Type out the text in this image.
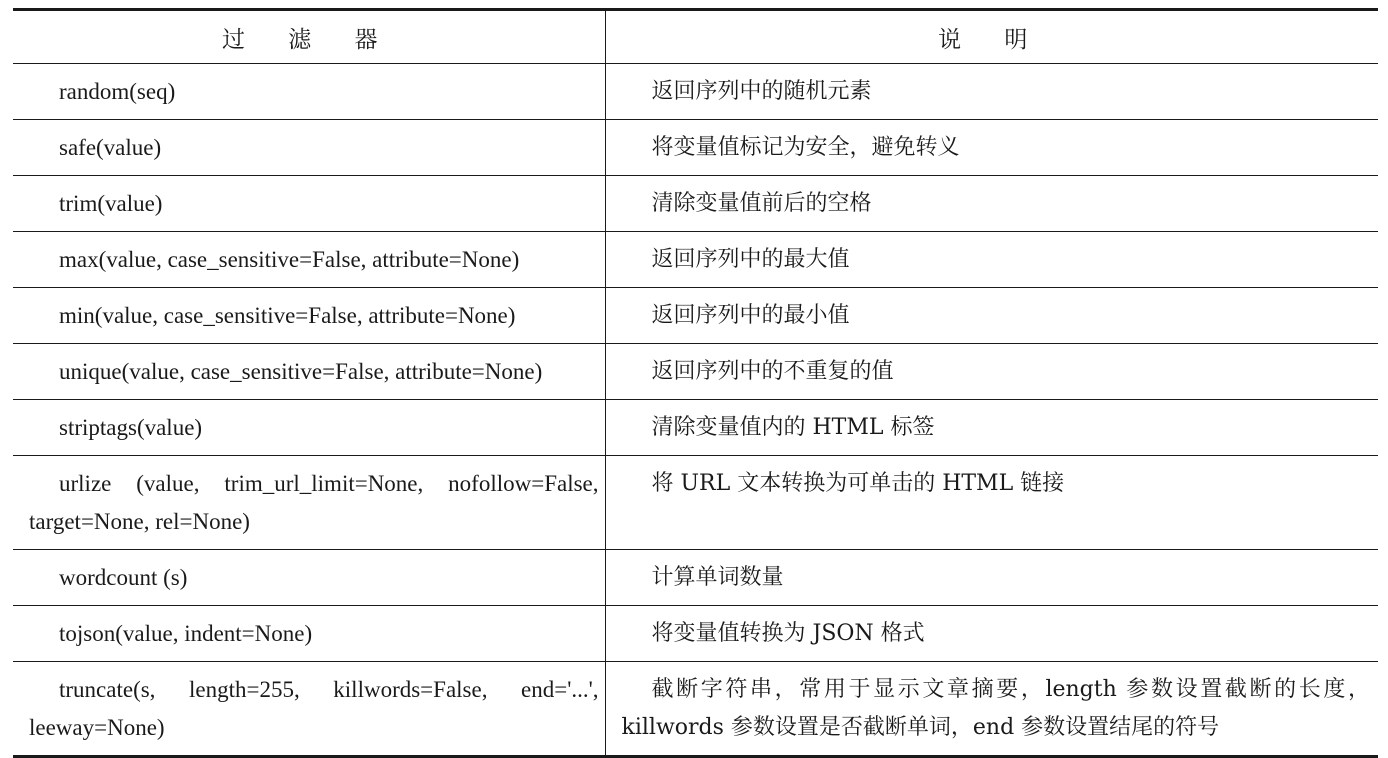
过 滤 器	说 明
random(seq)	返回序列中的随机元素
safe(value)	将变量值标记为安全，避免转义
trim(value)	清除变量值前后的空格
max(value, case_sensitive=False, attribute=None)	返回序列中的最大值
min(value, case_sensitive=False, attribute=None)	返回序列中的最小值
unique(value, case_sensitive=False, attribute=None)	返回序列中的不重复的值
striptags(value)	清除变量值内的 HTML 标签
urlize (value, trim_url_limit=None, nofollow=False, target=None, rel=None)	将 URL 文本转换为可单击的 HTML 链接
wordcount (s)	计算单词数量
tojson(value, indent=None)	将变量值转换为 JSON 格式
truncate(s, length=255, killwords=False, end='...', leeway=None)	截断字符串，常用于显示文章摘要，length 参数设置截断的长度，killwords 参数设置是否截断单词，end 参数设置结尾的符号
